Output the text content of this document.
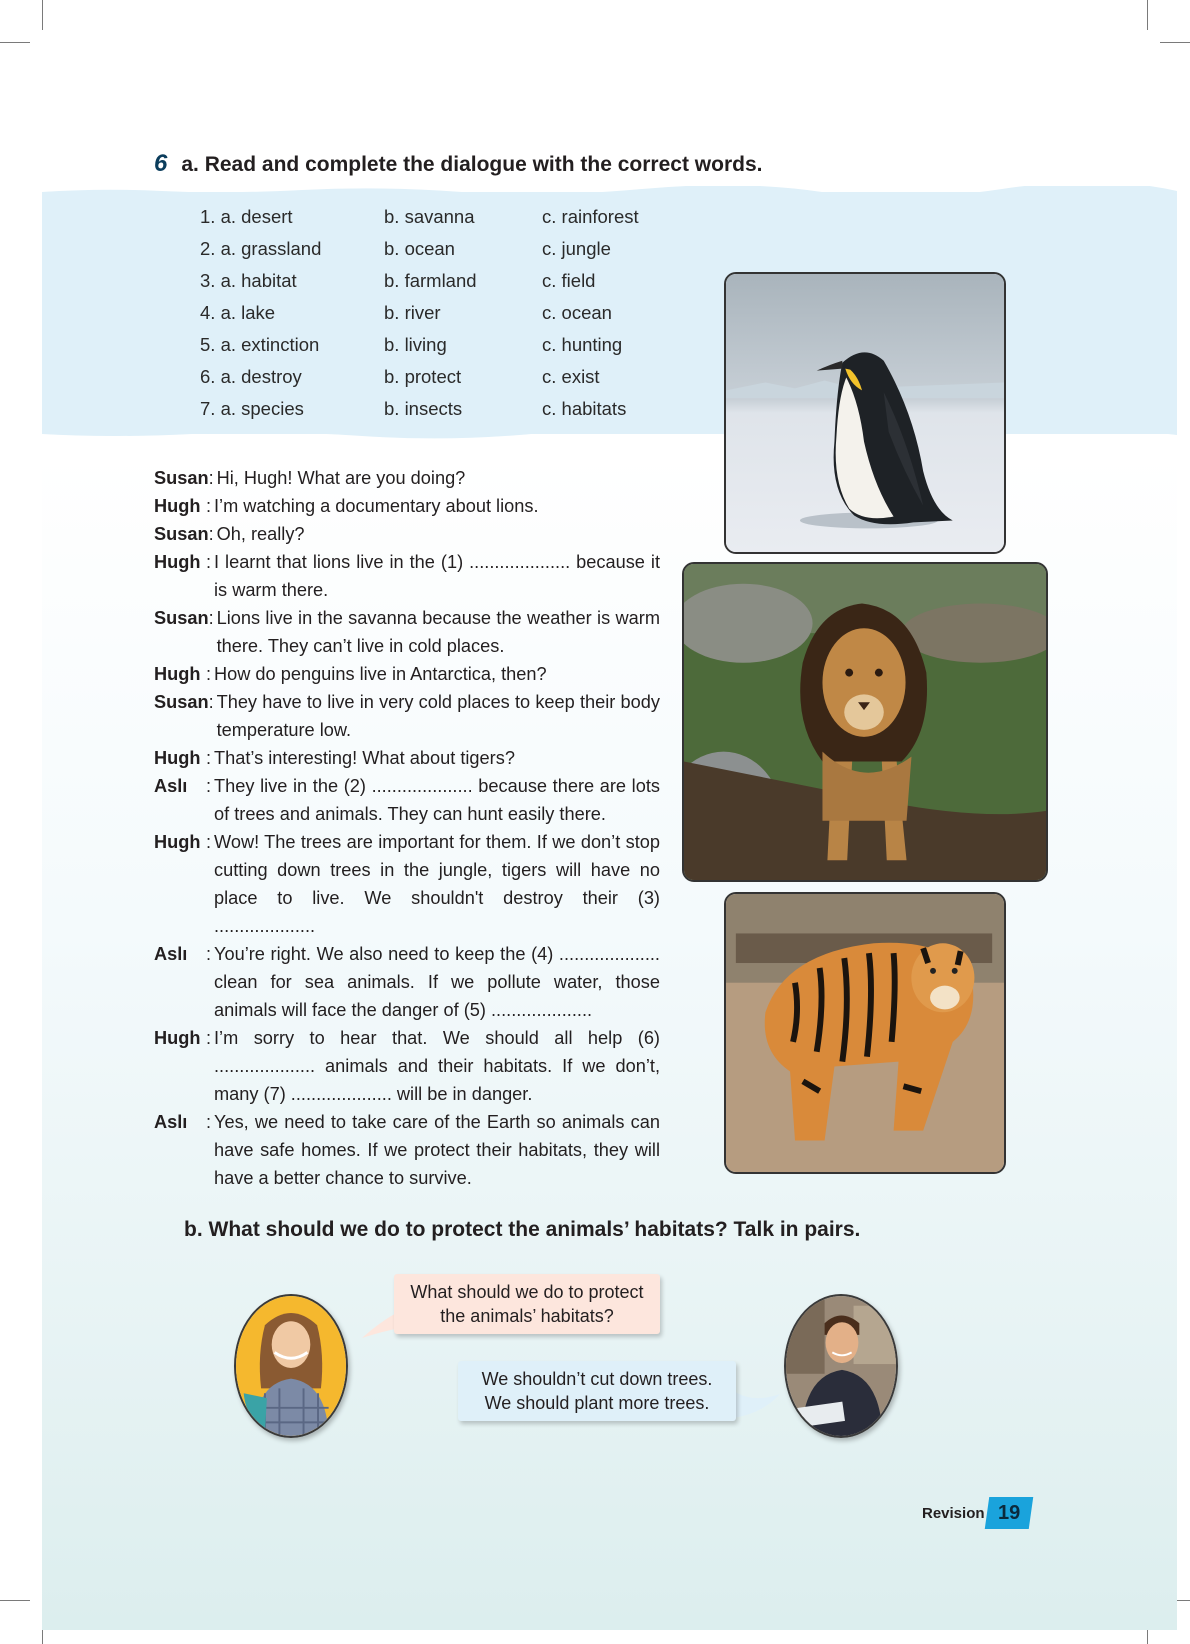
6 a. Read and complete the dialogue with the correct words.
1. a. desert	b. savanna	c. rainforest
2. a. grassland	b. ocean	c. jungle
3. a. habitat	b. farmland	c. field
4. a. lake	b. river	c. ocean
5. a. extinction	b. living	c. hunting
6. a. destroy	b. protect	c. exist
7. a. species	b. insects	c. habitats
Susan : Hi, Hugh! What are you doing?
Hugh : I’m watching a documentary about lions.
Susan : Oh, really?
Hugh : I learnt that lions live in the (1) .................... because it is warm there.
Susan : Lions live in the savanna because the weather is warm there. They can’t live in cold places.
Hugh : How do penguins live in Antarctica, then?
Susan : They have to live in very cold places to keep their body temperature low.
Hugh : That’s interesting! What about tigers?
Aslı	: They live in the (2) .................... because there are lots of trees and animals. They can hunt easily there.
Hugh : Wow! The trees are important for them. If we don’t stop cutting down trees in the jungle, tigers will have no place to live. We shouldn't destroy their (3) ....................
Aslı	: You’re right. We also need to keep the (4) .................... clean for sea animals. If we pollute water, those animals will face the danger of (5) ....................
Hugh : I’m sorry to hear that. We should all help (6) .................... animals and their habitats. If we don’t, many (7) .................... will be in danger.
Aslı	: Yes, we need to take care of the Earth so animals can have safe homes. If we protect their habitats, they will have a better chance to survive.
b. What should we do to protect the animals’ habitats? Talk in pairs.
What should we do to protect
the animals’ habitats?
We shouldn’t cut down trees.
We should plant more trees.
Revision 19
